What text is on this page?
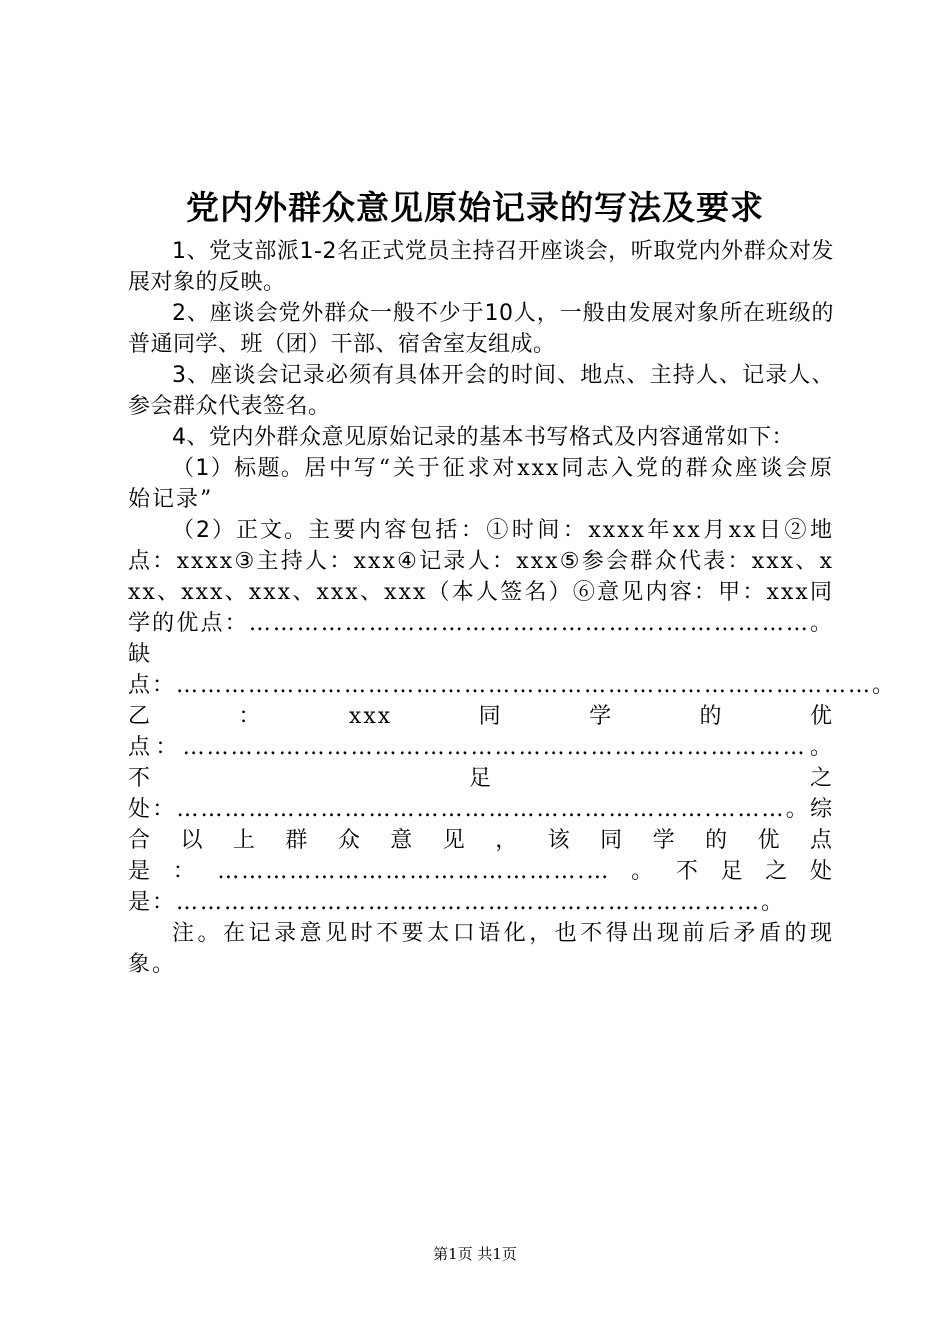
党内外群众意见原始记录的写法及要求

1、党支部派1-2名正式党员主持召开座谈会，听取党内外群众对发展对象的反映。

2、座谈会党外群众一般不少于10人，一般由发展对象所在班级的普通同学、班（团）干部、宿舍室友组成。

3、座谈会记录必须有具体开会的时间、地点、主持人、记录人、参会群众代表签名。

4、党内外群众意见原始记录的基本书写格式及内容通常如下：

（1）标题。居中写“关于征求对xxx同志入党的群众座谈会原始记录”

（2）正文。主要内容包括：①时间：xxxx年xx月xx日②地点：xxxx③主持人：xxx④记录人：xxx⑤参会群众代表：xxx、xxx、xxx、xxx、xxx、xxx（本人签名）⑥意见内容：甲：xxx同学的优点：…………………………………………….………………。缺点：……………………………………………………………………………。乙：xxx同学的优点：……………………………………………………………………。不足之处：………………………………………………………….………。综合以上群众意见，该同学的优点是：……………………………………….…。不足之处是：…………………………………………………………….…。

注。在记录意见时不要太口语化，也不得出现前后矛盾的现象。

第1页 共1页
